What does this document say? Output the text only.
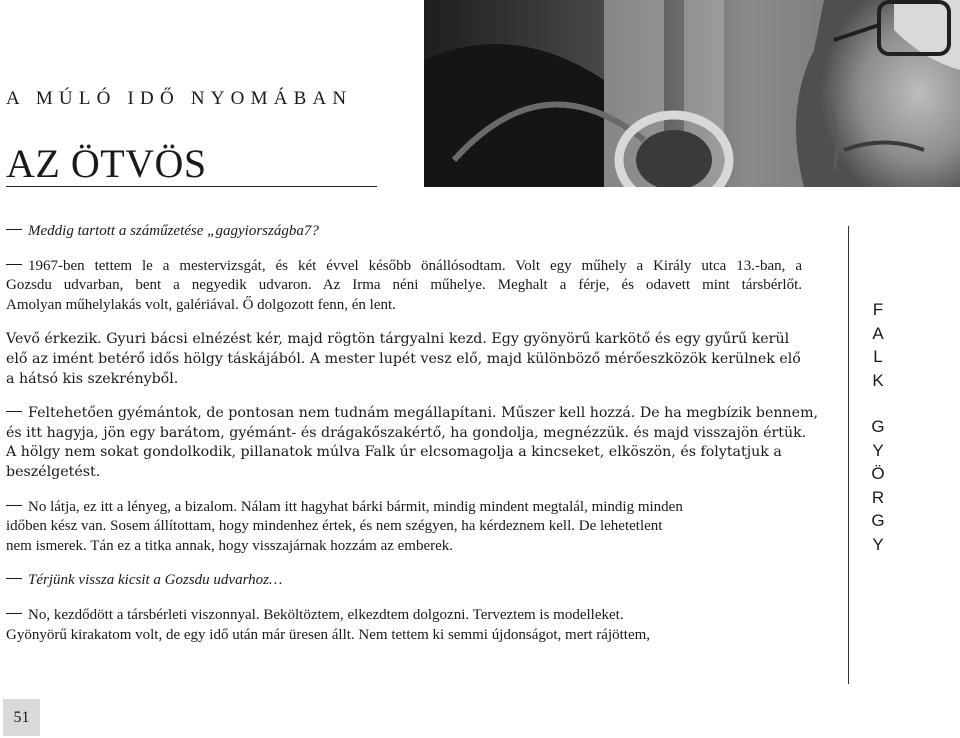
A MÚLÓ IDŐ NYOMÁBAN
AZ ÖTVÖS

Meddig tartott a száműzetése „gagyiországba7?

1967-ben tettem le a mestervizsgát, és két évvel később önállósodtam. Volt egy műhely a Király utca 13.-ban, a
Gozsdu udvarban, bent a negyedik udvaron. Az Irma néni műhelye. Meghalt a férje, és odavett mint társbérlőt.
Amolyan műhelylakás volt, galériával. Ő dolgozott fenn, én lent.

Vevő érkezik. Gyuri bácsi elnézést kér, majd rögtön tárgyalni kezd. Egy gyönyörű karkötő és egy gyűrű kerül
elő az imént betérő idős hölgy táskájából. A mester lupét vesz elő, majd különböző mérőeszközök kerülnek elő
a hátsó kis szekrényből.

Feltehetően gyémántok, de pontosan nem tudnám megállapítani. Műszer kell hozzá. De ha megbízik bennem,
és itt hagyja, jön egy barátom, gyémánt- és drágakőszakértő, ha gondolja, megnézzük. és majd visszajön értük.
A hölgy nem sokat gondolkodik, pillanatok múlva Falk úr elcsomagolja a kincseket, elköszön, és folytatjuk a
beszélgetést.

No látja, ez itt a lényeg, a bizalom. Nálam itt hagyhat bárki bármit, mindig mindent megtalál, mindig minden
időben kész van. Sosem állítottam, hogy mindenhez értek, és nem szégyen, ha kérdeznem kell. De lehetetlent
nem ismerek. Tán ez a titka annak, hogy visszajárnak hozzám az emberek.

Térjünk vissza kicsit a Gozsdu udvarhoz…

No, kezdődött a társbérleti viszonnyal. Beköltöztem, elkezdtem dolgozni. Terveztem is modelleket.
Gyönyörű kirakatom volt, de egy idő után már üresen állt. Nem tettem ki semmi újdonságot, mert rájöttem,

F
A
L
K
G
Y
Ö
R
G
Y
51
